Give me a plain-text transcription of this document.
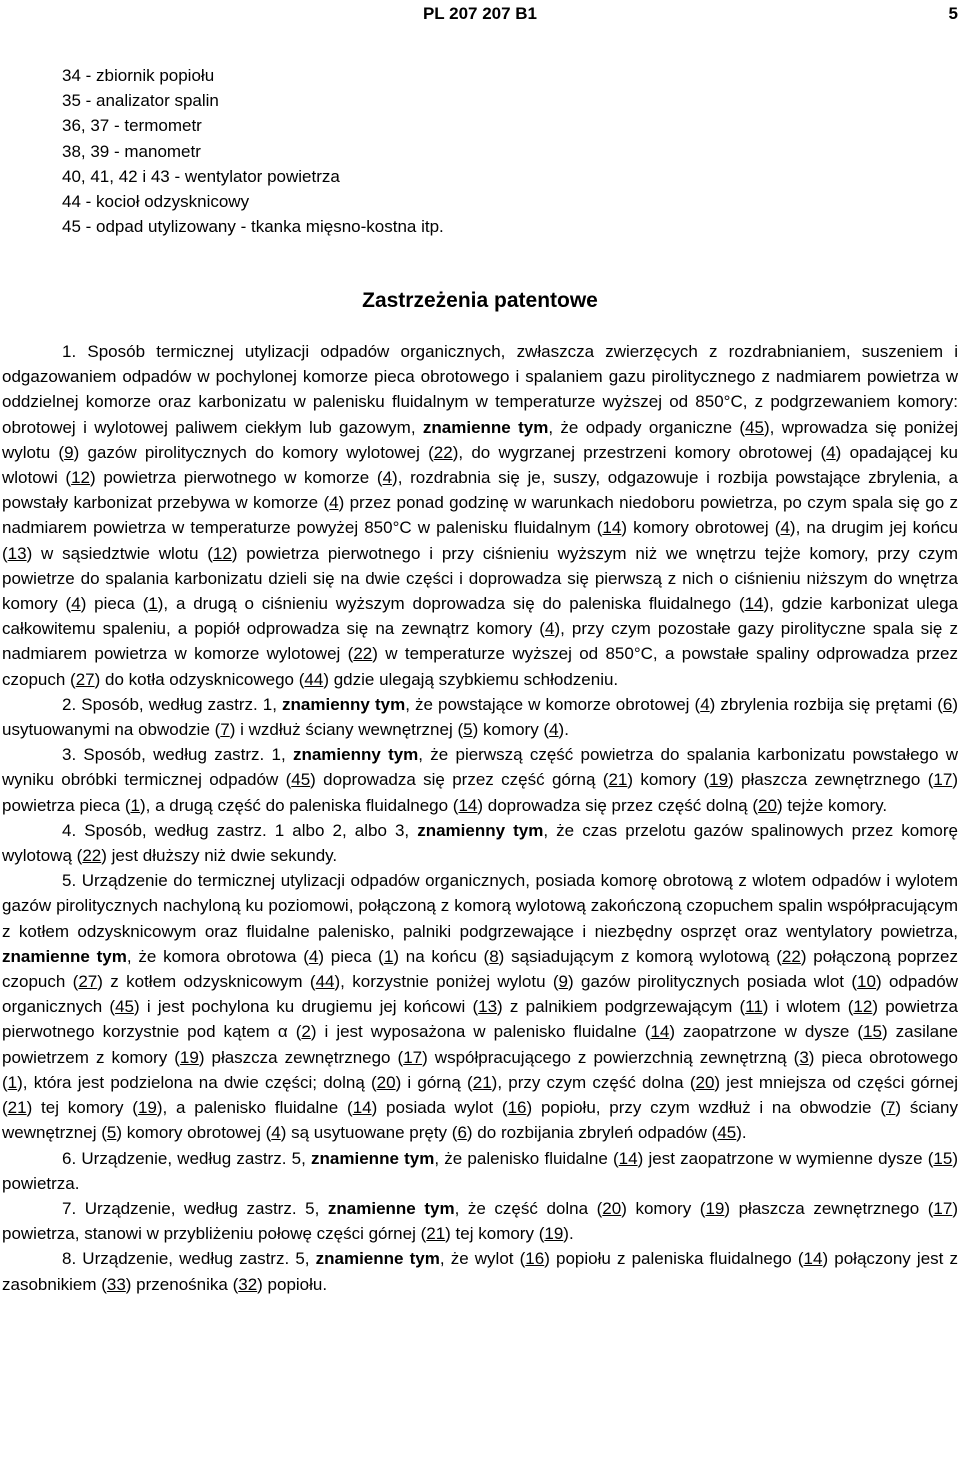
PL 207 207 B1	5
34 - zbiornik popiołu
35 - analizator spalin
36, 37 - termometr
38, 39 - manometr
40, 41, 42 i 43 - wentylator powietrza
44 - kocioł odzysknicowy
45 - odpad utylizowany - tkanka mięsno-kostna itp.
Zastrzeżenia patentowe

1. Sposób termicznej utylizacji odpadów organicznych, zwłaszcza zwierzęcych z rozdrabnianiem, suszeniem i odgazowaniem odpadów w pochylonej komorze pieca obrotowego i spalaniem gazu pirolitycznego z nadmiarem powietrza w oddzielnej komorze oraz karbonizatu w palenisku fluidalnym w temperaturze wyższej od 850°C, z podgrzewaniem komory: obrotowej i wylotowej paliwem ciekłym lub gazowym, znamienne tym, że odpady organiczne (45), wprowadza się poniżej wylotu (9) gazów pirolitycznych do komory wylotowej (22), do wygrzanej przestrzeni komory obrotowej (4) opadającej ku wlotowi (12) powietrza pierwotnego w komorze (4), rozdrabnia się je, suszy, odgazowuje i rozbija powstające zbrylenia, a powstały karbonizat przebywa w komorze (4) przez ponad godzinę w warunkach niedoboru powietrza, po czym spala się go z nadmiarem powietrza w temperaturze powyżej 850°C w palenisku fluidalnym (14) komory obrotowej (4), na drugim jej końcu (13) w sąsiedztwie wlotu (12) powietrza pierwotnego i przy ciśnieniu wyższym niż we wnętrzu tejże komory, przy czym powietrze do spalania karbonizatu dzieli się na dwie części i doprowadza się pierwszą z nich o ciśnieniu niższym do wnętrza komory (4) pieca (1), a drugą o ciśnieniu wyższym doprowadza się do paleniska fluidalnego (14), gdzie karbonizat ulega całkowitemu spaleniu, a popiół odprowadza się na zewnątrz komory (4), przy czym pozostałe gazy pirolityczne spala się z nadmiarem powietrza w komorze wylotowej (22) w temperaturze wyższej od 850°C, a powstałe spaliny odprowadza przez czopuch (27) do kotła odzysknicowego (44) gdzie ulegają szybkiemu schłodzeniu.

2. Sposób, według zastrz. 1, znamienny tym, że powstające w komorze obrotowej (4) zbrylenia rozbija się prętami (6) usytuowanymi na obwodzie (7) i wzdłuż ściany wewnętrznej (5) komory (4).

3. Sposób, według zastrz. 1, znamienny tym, że pierwszą część powietrza do spalania karbonizatu powstałego w wyniku obróbki termicznej odpadów (45) doprowadza się przez część górną (21) komory (19) płaszcza zewnętrznego (17) powietrza pieca (1), a drugą część do paleniska fluidalnego (14) doprowadza się przez część dolną (20) tejże komory.

4. Sposób, według zastrz. 1 albo 2, albo 3, znamienny tym, że czas przelotu gazów spalinowych przez komorę wylotową (22) jest dłuższy niż dwie sekundy.

5. Urządzenie do termicznej utylizacji odpadów organicznych, posiada komorę obrotową z wlotem odpadów i wylotem gazów pirolitycznych nachyloną ku poziomowi, połączoną z komorą wylotową zakończoną czopuchem spalin współpracującym z kotłem odzysknicowym oraz fluidalne palenisko, palniki podgrzewające i niezbędny osprzęt oraz wentylatory powietrza, znamienne tym, że komora obrotowa (4) pieca (1) na końcu (8) sąsiadującym z komorą wylotową (22) połączoną poprzez czopuch (27) z kotłem odzysknicowym (44), korzystnie poniżej wylotu (9) gazów pirolitycznych posiada wlot (10) odpadów organicznych (45) i jest pochylona ku drugiemu jej końcowi (13) z palnikiem podgrzewającym (11) i wlotem (12) powietrza pierwotnego korzystnie pod kątem α (2) i jest wyposażona w palenisko fluidalne (14) zaopatrzone w dysze (15) zasilane powietrzem z komory (19) płaszcza zewnętrznego (17) współpracującego z powierzchnią zewnętrzną (3) pieca obrotowego (1), która jest podzielona na dwie części; dolną (20) i górną (21), przy czym część dolna (20) jest mniejsza od części górnej (21) tej komory (19), a palenisko fluidalne (14) posiada wylot (16) popiołu, przy czym wzdłuż i na obwodzie (7) ściany wewnętrznej (5) komory obrotowej (4) są usytuowane pręty (6) do rozbijania zbryleń odpadów (45).

6. Urządzenie, według zastrz. 5, znamienne tym, że palenisko fluidalne (14) jest zaopatrzone w wymienne dysze (15) powietrza.

7. Urządzenie, według zastrz. 5, znamienne tym, że część dolna (20) komory (19) płaszcza zewnętrznego (17) powietrza, stanowi w przybliżeniu połowę części górnej (21) tej komory (19).

8. Urządzenie, według zastrz. 5, znamienne tym, że wylot (16) popiołu z paleniska fluidalnego (14) połączony jest z zasobnikiem (33) przenośnika (32) popiołu.
